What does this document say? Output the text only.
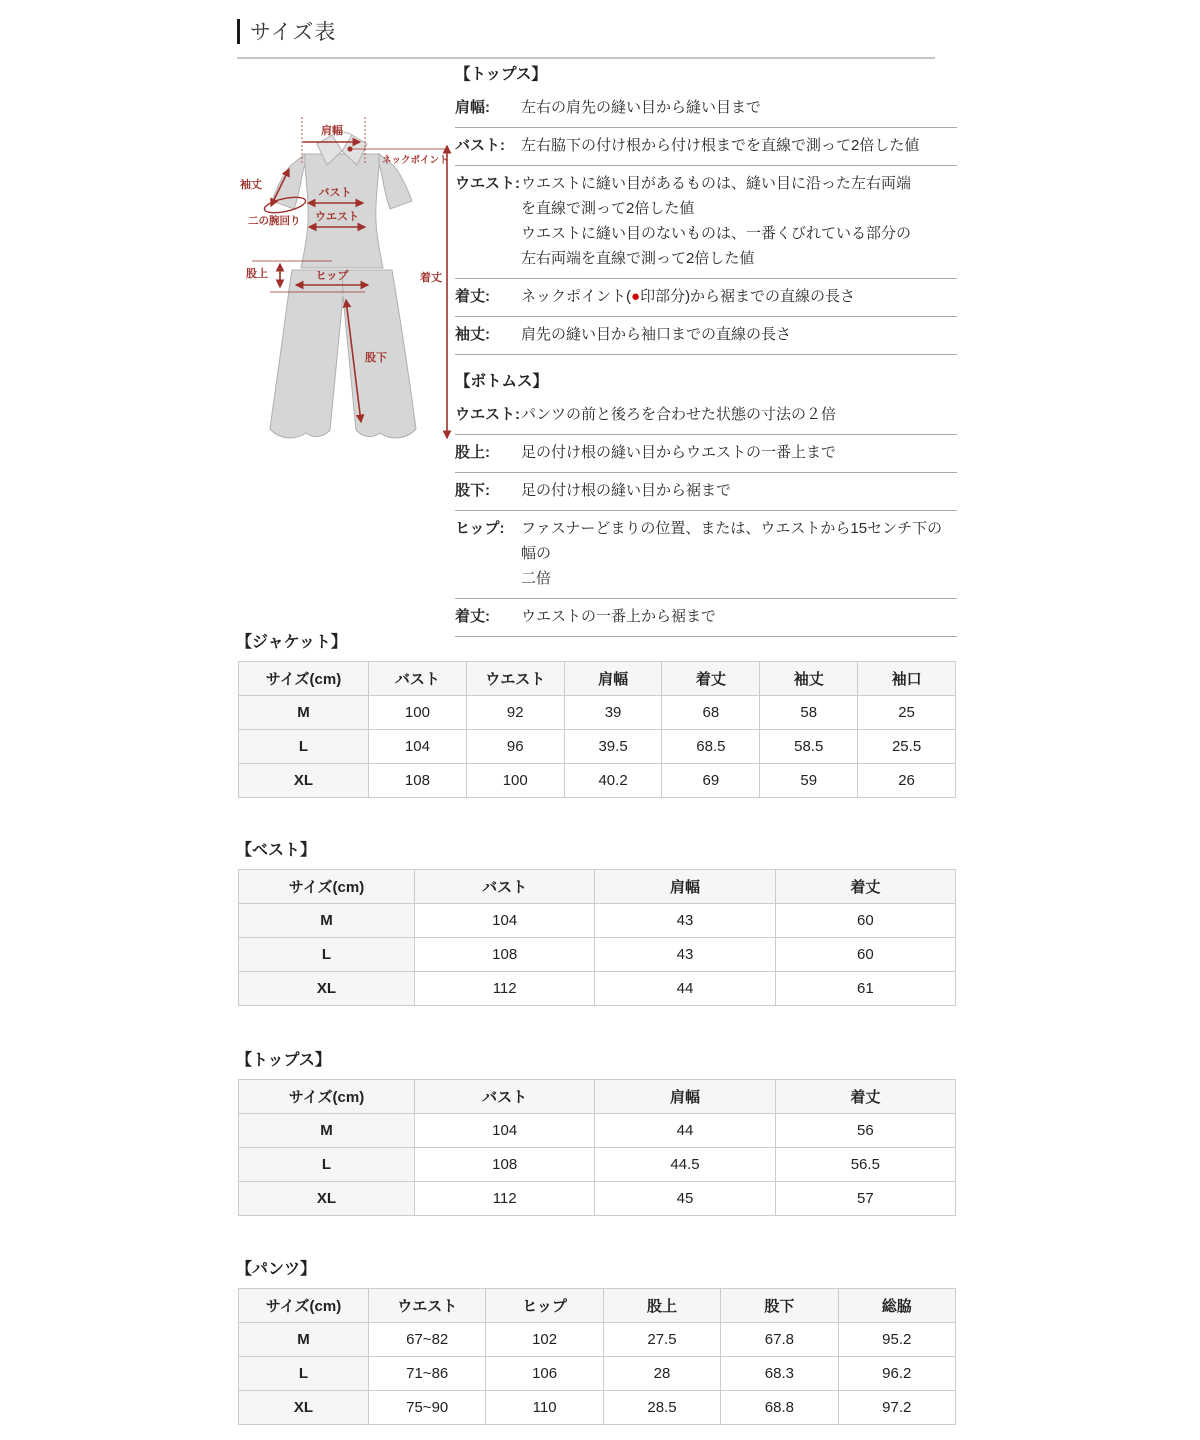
サイズ表
肩幅
ネックポイント
袖丈
バスト
ウエスト
二の腕回り
股上	ヒップ	着丈
股下
【トップス】
肩幅:	左右の肩先の縫い目から縫い目まで
バスト:	左右脇下の付け根から付け根までを直線で測って2倍した値
ウエスト: ウエストに縫い目があるものは、縫い目に沿った左右両端
を直線で測って2倍した値
ウエストに縫い目のないものは、一番くびれている部分の
左右両端を直線で測って2倍した値
着丈:	ネックポイント(●印部分)から裾までの直線の長さ
袖丈:	肩先の縫い目から袖口までの直線の長さ
【ボトムス】
ウエスト: パンツの前と後ろを合わせた状態の寸法の２倍
股上:	足の付け根の縫い目からウエストの一番上まで
股下:	足の付け根の縫い目から裾まで
ヒップ:	ファスナーどまりの位置、または、ウエストから15センチ下の幅の
二倍
着丈:	ウエストの一番上から裾まで
【ジャケット】
サイズ(cm)	バスト	ウエスト	肩幅	着丈	袖丈	袖口
M	100	92	39	68	58	25
L	104	96	39.5	68.5	58.5	25.5
XL	108	100	40.2	69	59	26
【ベスト】
サイズ(cm)	バスト	肩幅	着丈
M	104	43	60
L	108	43	60
XL	112	44	61
【トップス】
サイズ(cm)	バスト	肩幅	着丈
M	104	44	56
L	108	44.5	56.5
XL	112	45	57
【パンツ】
サイズ(cm)	ウエスト	ヒップ	股上	股下	総脇
M	67~82	102	27.5	67.8	95.2
L	71~86	106	28	68.3	96.2
XL	75~90	110	28.5	68.8	97.2
